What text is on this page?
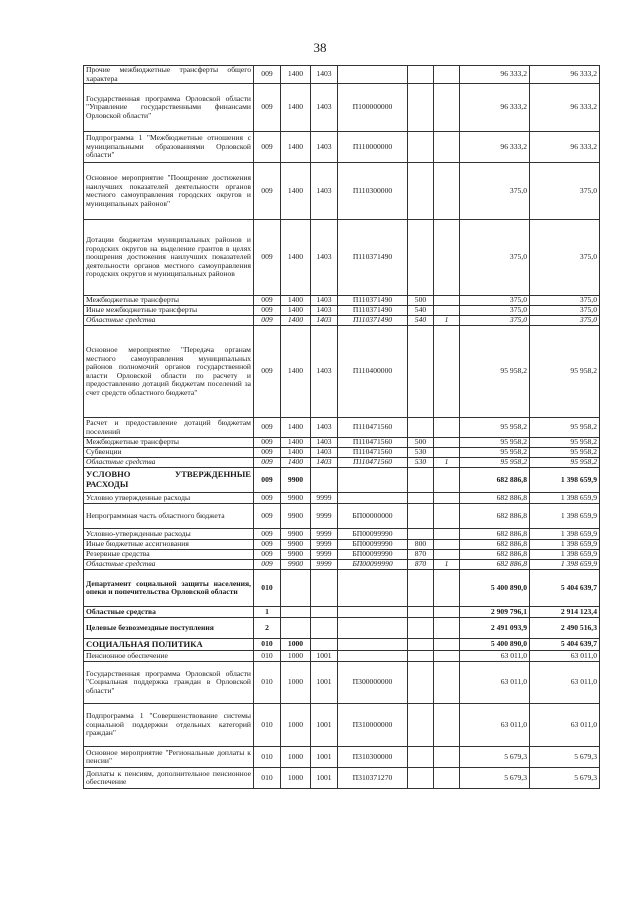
38
Прочие межбюджетные трансферты общего характера	009	1400	1403				96 333,2	96 333,2
Государственная программа Орловской области "Управление государственными финансами Орловской области"	009	1400	1403	П100000000			96 333,2	96 333,2
Подпрограмма 1 "Межбюджетные отношения с муниципальными образованиями Орловской области"	009	1400	1403	П110000000			96 333,2	96 333,2
Основное мероприятие "Поощрение достижения наилучших показателей деятельности органов местного самоуправления городских округов и муниципальных районов"	009	1400	1403	П110300000			375,0	375,0
Дотации бюджетам муниципальных районов и городских округов на выделение грантов в целях поощрения достижения наилучших показателей деятельности органов местного самоуправления городских округов и муниципальных районов	009	1400	1403	П110371490			375,0	375,0
Межбюджетные трансферты	009	1400	1403	П110371490	500		375,0	375,0
Иные межбюджетные трансферты	009	1400	1403	П110371490	540		375,0	375,0
Областные средства	009	1400	1403	П110371490	540	1	375,0	375,0
Основное мероприятие "Передача органам местного самоуправления муниципальных районов полномочий органов государственной власти Орловской области по расчету и предоставлению дотаций бюджетам поселений за счет средств областного бюджета"	009	1400	1403	П110400000			95 958,2	95 958,2
Расчет и предоставление дотаций бюджетам поселений	009	1400	1403	П110471560			95 958,2	95 958,2
Межбюджетные трансферты	009	1400	1403	П110471560	500		95 958,2	95 958,2
Субвенции	009	1400	1403	П110471560	530		95 958,2	95 958,2
Областные средства	009	1400	1403	П110471560	530	1	95 958,2	95 958,2
УСЛОВНО УТВЕРЖДЕННЫЕ РАСХОДЫ	009	9900					682 886,8	1 398 659,9
Условно утвержденные расходы	009	9900	9999				682 886,8	1 398 659,9
Непрограммная часть областного бюджета	009	9900	9999	БП00000000			682 886,8	1 398 659,9
Условно-утвержденные расходы	009	9900	9999	БП00099990			682 886,8	1 398 659,9
Иные бюджетные ассигнования	009	9900	9999	БП00099990	800		682 886,8	1 398 659,9
Резервные средства	009	9900	9999	БП00099990	870		682 886,8	1 398 659,9
Областные средства	009	9900	9999	БП00099990	870	1	682 886,8	1 398 659,9
Департамент социальной защиты населения, опеки и попечительства Орловской области	010						5 400 890,0	5 404 639,7
Областные средства	1						2 909 796,1	2 914 123,4
Целевые безвозмездные поступления	2						2 491 093,9	2 490 516,3
СОЦИАЛЬНАЯ ПОЛИТИКА	010	1000					5 400 890,0	5 404 639,7
Пенсионное обеспечение	010	1000	1001				63 011,0	63 011,0
Государственная программа Орловской области "Социальная поддержка граждан в Орловской области"	010	1000	1001	П300000000			63 011,0	63 011,0
Подпрограмма 1 "Совершенствование системы социальной поддержки отдельных категорий граждан"	010	1000	1001	П310000000			63 011,0	63 011,0
Основное мероприятие "Региональные доплаты к пенсии"	010	1000	1001	П310300000			5 679,3	5 679,3
Доплаты к пенсиям, дополнительное пенсионное обеспечение	010	1000	1001	П310371270			5 679,3	5 679,3
